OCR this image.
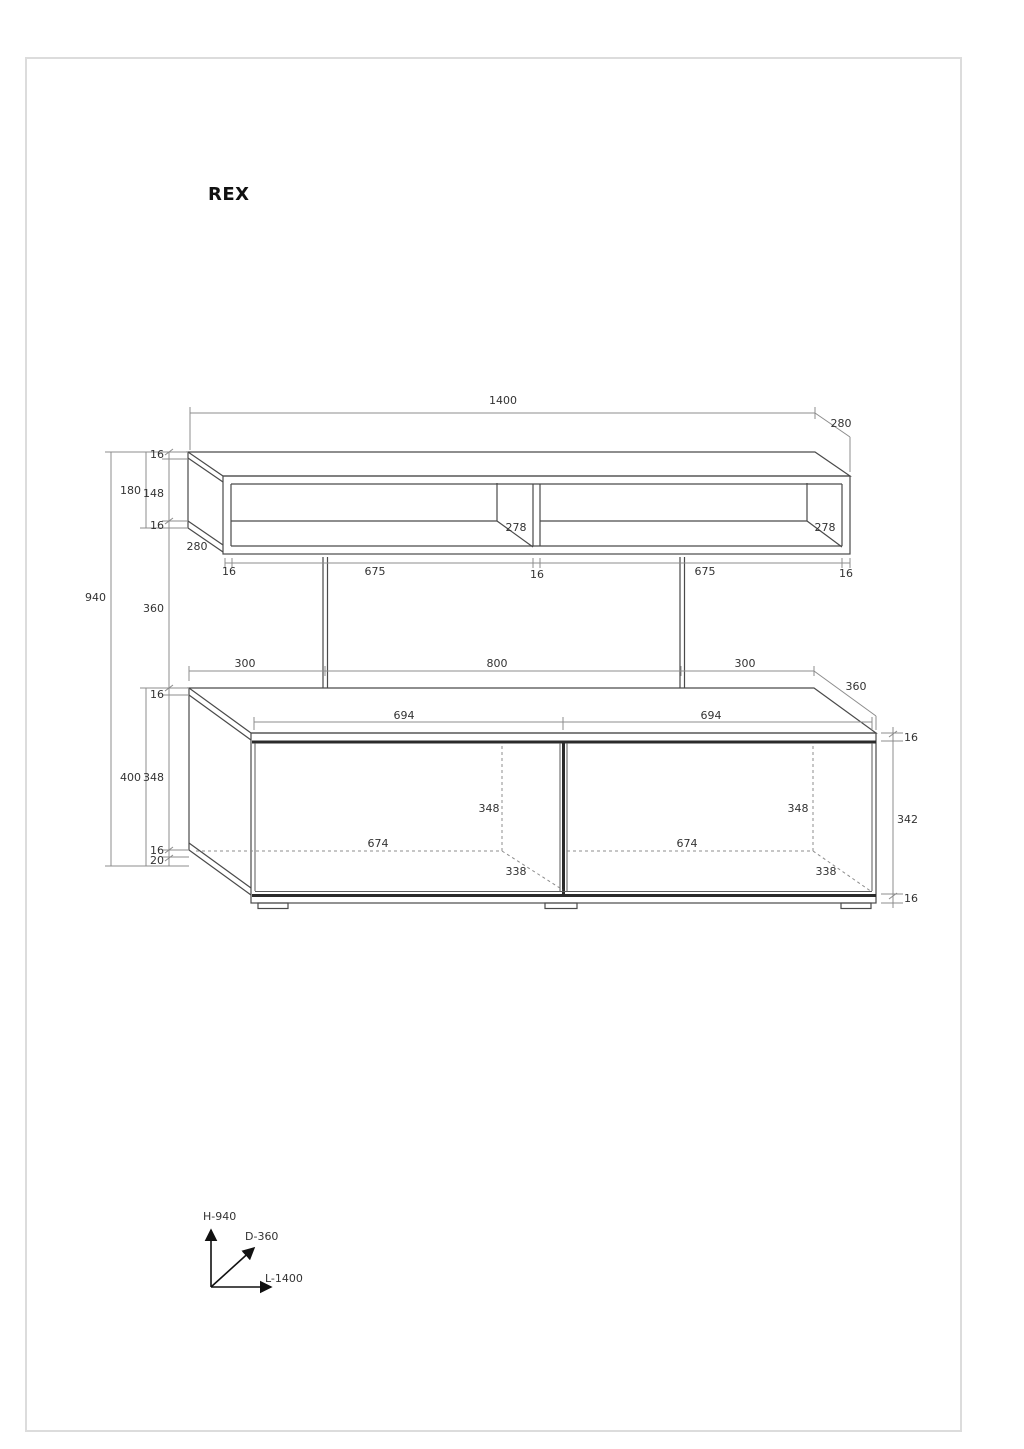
REX
1400
280
280
16	675	16	675	16
278	278
300	800	300
360
694	694
348
674
338
348
674
338
16
148
16
180
940
360
16
400 348
16
20
16
342
16
H-940
D-360
L-1400
